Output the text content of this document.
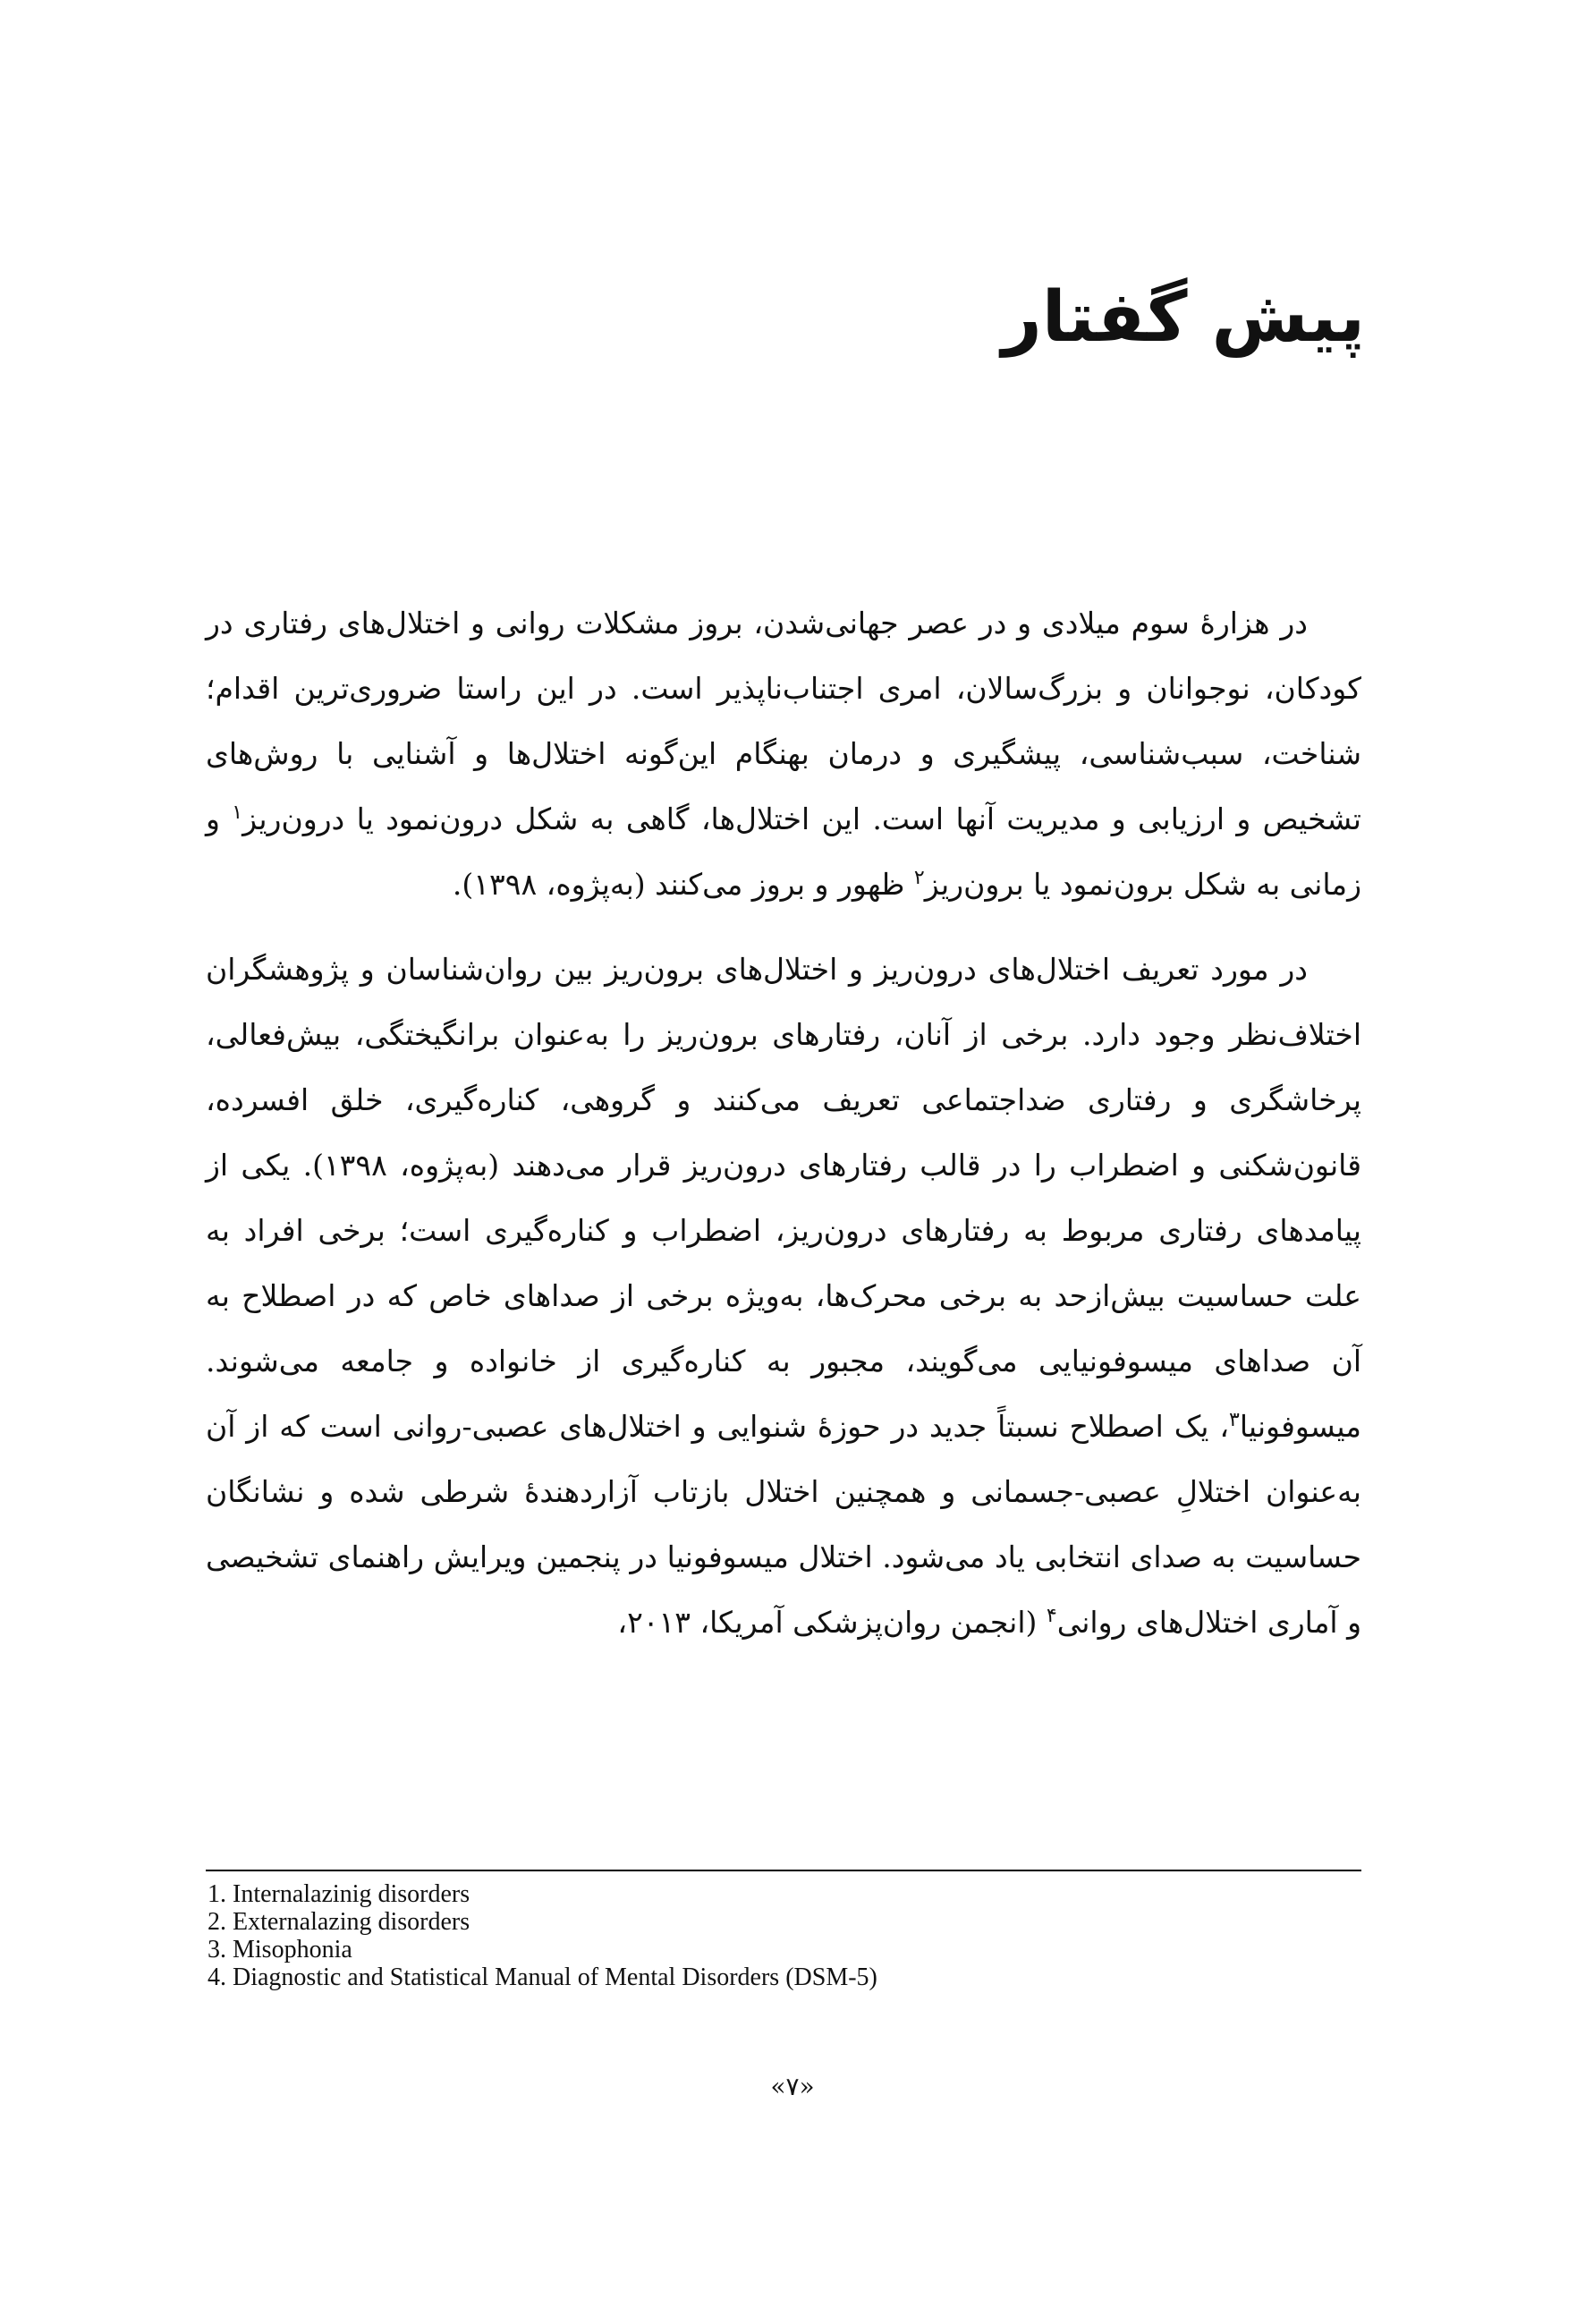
پیش گفتار

در هزارهٔ سوم میلادی و در عصر جهانی‌شدن، بروز مشکلات روانی و اختلال‌های رفتاری در کودکان، نوجوانان و بزرگ‌سالان، امری اجتناب‌ناپذیر است. در این راستا ضروری‌ترین اقدام؛ شناخت، سبب‌شناسی، پیشگیری و درمان بهنگام این‌گونه اختلال‌ها و آشنایی با روش‌های تشخیص و ارزیابی و مدیریت آنها است. این اختلال‌ها، گاهی به شکل درون‌نمود یا درون‌ریز$^۱$ و زمانی به شکل برون‌نمود یا برون‌ریز$^۲$ ظهور و بروز می‌کنند (به‌پژوه، ۱۳۹۸).

در مورد تعریف اختلال‌های درون‌ریز و اختلال‌های برون‌ریز بین روان‌شناسان و پژوهشگران اختلاف‌نظر وجود دارد. برخی از آنان، رفتارهای برون‌ریز را به‌عنوان برانگیختگی، بیش‌فعالی، پرخاشگری و رفتاری ضداجتماعی تعریف می‌کنند و گروهی، کناره‌گیری، خلق افسرده، قانون‌شکنی و اضطراب را در قالب رفتارهای درون‌ریز قرار می‌دهند (به‌پژوه، ۱۳۹۸). یکی از پیامدهای رفتاری مربوط به رفتارهای درون‌ریز، اضطراب و کناره‌گیری است؛ برخی افراد به علت حساسیت بیش‌ازحد به برخی محرک‌ها، به‌ویژه برخی از صداهای خاص که در اصطلاح به آن صداهای میسوفونیایی می‌گویند، مجبور به کناره‌گیری از خانواده و جامعه می‌شوند. میسوفونیا$^۳$، یک اصطلاح نسبتاً جدید در حوزهٔ شنوایی و اختلال‌های عصبی-روانی است که از آن به‌عنوان اختلالِ عصبی-جسمانی و همچنین اختلال بازتاب آزاردهندهٔ شرطی شده و نشانگان حساسیت به صدای انتخابی یاد می‌شود. اختلال میسوفونیا در پنجمین ویرایش راهنمای تشخیصی و آماری اختلال‌های روانی$^۴$ (انجمن روان‌پزشکی آمریکا، ۲۰۱۳،

1. Internalazinig disorders

2. Externalazing disorders

3. Misophonia

4. Diagnostic and Statistical Manual of Mental Disorders (DSM-5)

«۷»
